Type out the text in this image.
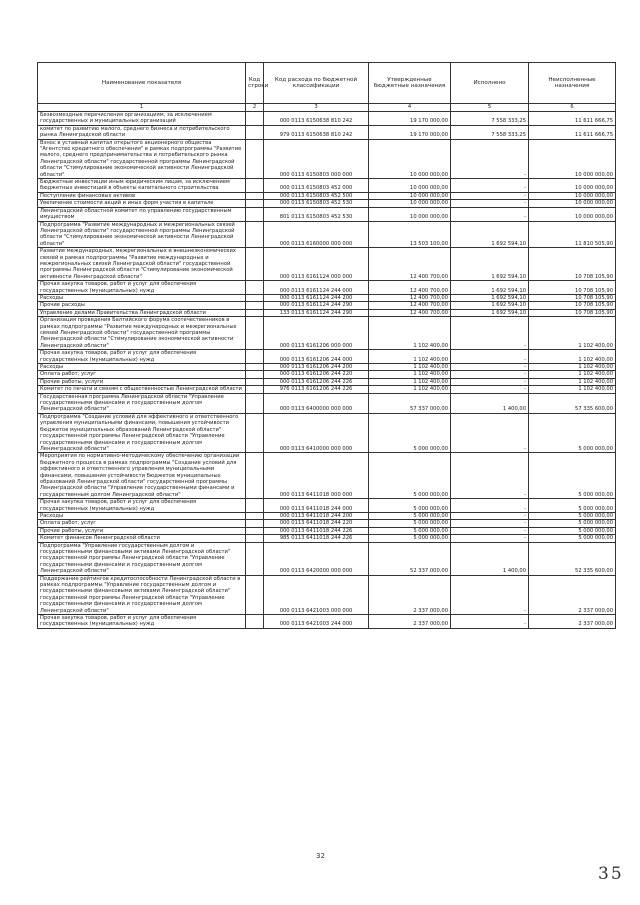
Наименование показателя	Код строки	Код расхода по бюджетной классификации	Утвержденные бюджетные назначения	Исполнено	Неисполненные назначения
1	2	3	4	5	6
Безвозмездные перечисления организациям, за исключением государственных и муниципальных организаций		000 0113 6150638 810 242	19 170 000,00	7 558 333,25	11 611 666,75
комитет по развитию малого, среднего бизнеса и потребительского рынка Ленинградской области		979 0113 6150638 810 242	19 170 000,00	7 558 333,25	11 611 666,75
Взнос в уставный капитал открытого акционерного общества "Агентство кредитного обеспечения" в рамках подпрограммы "Развитие малого, среднего предпринимательства и потребительского рынка Ленинградской области" государственной программы Ленинградской области "Стимулирование экономической активности Ленинградской области"		000 0113 6150803 000 000	10 000 000,00	-	10 000 000,00
Бюджетные инвестиции иным юридическим лицам, за исключением бюджетных инвестиций в объекты капитального строительства		000 0113 6150803 452 000	10 000 000,00	-	10 000 000,00
Поступление финансовых активов		000 0113 6150803 452 500	10 000 000,00	-	10 000 000,00
Увеличение стоимости акций и иных форм участия в капитале		000 0113 6150803 452 530	10 000 000,00	-	10 000 000,00
Ленинградский областной комитет по управлению государственным имуществом		801 0113 6150803 452 530	10 000 000,00	-	10 000 000,00
Подпрограмма "Развитие международных и межрегиональных связей Ленинградской области" государственной программы Ленинградской области "Стимулирование экономической активности Ленинградской области"		000 0113 6160000 000 000	13 503 100,00	1 692 594,10	11 810 505,90
Развитие международных, межрегиональных и внешнеэкономических связей в рамках подпрограммы "Развитие международных и межрегиональных связей Ленинградской области" государственной программы Ленинградской области "Стимулирование экономической активности Ленинградской области"		000 0113 6161124 000 000	12 400 700,00	1 692 594,10	10 708 105,90
Прочая закупка товаров, работ и услуг для обеспечения государственных (муниципальных) нужд		000 0113 6161124 244 000	12 400 700,00	1 692 594,10	10 708 105,90
Расходы		000 0113 6161124 244 200	12 400 700,00	1 692 594,10	10 708 105,90
Прочие расходы		000 0113 6161124 244 290	12 400 700,00	1 692 594,10	10 708 105,90
Управление делами Правительства Ленинградской области		133 0113 6161124 244 290	12 400 700,00	1 692 594,10	10 708 105,90
Организация проведения Балтийского форума соотечественников в рамках подпрограммы "Развитие международных и межрегиональных связей Ленинградской области" государственной программы Ленинградской области "Стимулирование экономической активности Ленинградской области"		000 0113 6161206 000 000	1 102 400,00	-	1 102 400,00
Прочая закупка товаров, работ и услуг для обеспечения государственных (муниципальных) нужд		000 0113 6161206 244 000	1 102 400,00	-	1 102 400,00
Расходы		000 0113 6161206 244 200	1 102 400,00	-	1 102 400,00
Оплата работ, услуг		000 0113 6161206 244 220	1 102 400,00	-	1 102 400,00
Прочие работы, услуги		000 0113 6161206 244 226	1 102 400,00	-	1 102 400,00
Комитет по печати и связям с общественностью Ленинградской области		976 0113 6161206 244 226	1 102 400,00	-	1 102 400,00
Государственная программа Ленинградской области "Управление государственными финансами и государственным долгом Ленинградской области"		000 0113 6400000 000 000	57 337 000,00	1 400,00	57 335 600,00
Подпрограмма "Создание условий для эффективного и ответственного управления муниципальными финансами, повышения устойчивости бюджетов муниципальных образований Ленинградской области" государственной программы Ленинградской области "Управление государственными финансами и государственным долгом Ленинградской области"		000 0113 6410000 000 000	5 000 000,00	-	5 000 000,00
Мероприятия по нормативно-методическому обеспечению организации бюджетного процесса в рамках подпрограммы "Создание условий для эффективного и ответственного управления муниципальными финансами, повышения устойчивости бюджетов муниципальных образований Ленинградской области" государственной программы Ленинградской области "Управление государственными финансами и государственным долгом Ленинградской области"		000 0113 6411018 000 000	5 000 000,00	-	5 000 000,00
Прочая закупка товаров, работ и услуг для обеспечения государственных (муниципальных) нужд		000 0113 6411018 244 000	5 000 000,00	-	5 000 000,00
Расходы		000 0113 6411018 244 200	5 000 000,00	-	5 000 000,00
Оплата работ, услуг		000 0113 6411018 244 220	5 000 000,00	-	5 000 000,00
Прочие работы, услуги		000 0113 6411018 244 226	5 000 000,00	-	5 000 000,00
Комитет финансов Ленинградской области		985 0113 6411018 244 226	5 000 000,00	-	5 000 000,00
Подпрограмма "Управление государственным долгом и государственными финансовыми активами Ленинградской области" государственной программы Ленинградской области "Управление государственными финансами и государственным долгом Ленинградской области"		000 0113 6420000 000 000	52 337 000,00	1 400,00	52 335 600,00
Поддержание рейтингов кредитоспособности Ленинградской области в рамках подпрограммы "Управление государственным долгом и государственными финансовыми активами Ленинградской области" государственной программы Ленинградской области "Управление государственными финансами и государственным долгом Ленинградской области"		000 0113 6421003 000 000	2 337 000,00	-	2 337 000,00
Прочая закупка товаров, работ и услуг для обеспечения государственных (муниципальных) нужд		000 0113 6421003 244 000	2 337 000,00	-	2 337 000,00
32
35
